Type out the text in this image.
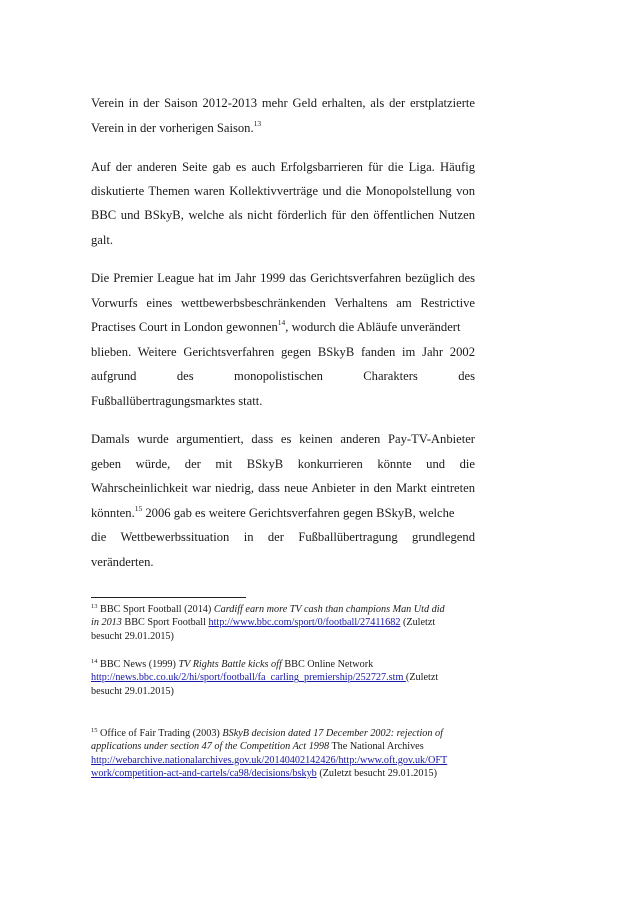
Verein in der Saison 2012-2013 mehr Geld erhalten, als der erstplatzierte
Verein in der vorherigen Saison.$^{13}$
Auf der anderen Seite gab es auch Erfolgsbarrieren für die Liga. Häufig
diskutierte Themen waren Kollektivverträge und die Monopolstellung von
BBC und BSkyB, welche als nicht förderlich für den öffentlichen Nutzen
galt.
Die Premier League hat im Jahr 1999 das Gerichtsverfahren bezüglich des
Vorwurfs eines wettbewerbsbeschränkenden Verhaltens am Restrictive
Practises Court in London gewonnen$^{14}$, wodurch die Abläufe unverändert
blieben. Weitere Gerichtsverfahren gegen BSkyB fanden im Jahr 2002
aufgrund des monopolistischen Charakters des
Fußballübertragungsmarktes statt.
Damals wurde argumentiert, dass es keinen anderen Pay-TV-Anbieter
geben würde, der mit BSkyB konkurrieren könnte und die
Wahrscheinlichkeit war niedrig, dass neue Anbieter in den Markt eintreten
könnten.$^{15}$ 2006 gab es weitere Gerichtsverfahren gegen BSkyB, welche
die Wettbewerbssituation in der Fußballübertragung grundlegend
veränderten.
$^{13}$ BBC Sport Football (2014) Cardiff earn more TV cash than champions Man Utd did
in 2013 BBC Sport Football http://www.bbc.com/sport/0/football/27411682 (Zuletzt
besucht 29.01.2015)
$^{14}$ BBC News (1999) TV Rights Battle kicks off BBC Online Network
http://news.bbc.co.uk/2/hi/sport/football/fa_carling_premiership/252727.stm (Zuletzt
besucht 29.01.2015)
$^{15}$ Office of Fair Trading (2003) BSkyB decision dated 17 December 2002: rejection of
applications under section 47 of the Competition Act 1998 The National Archives
http://webarchive.nationalarchives.gov.uk/20140402142426/http:/www.oft.gov.uk/OFT
work/competition-act-and-cartels/ca98/decisions/bskyb (Zuletzt besucht 29.01.2015)
